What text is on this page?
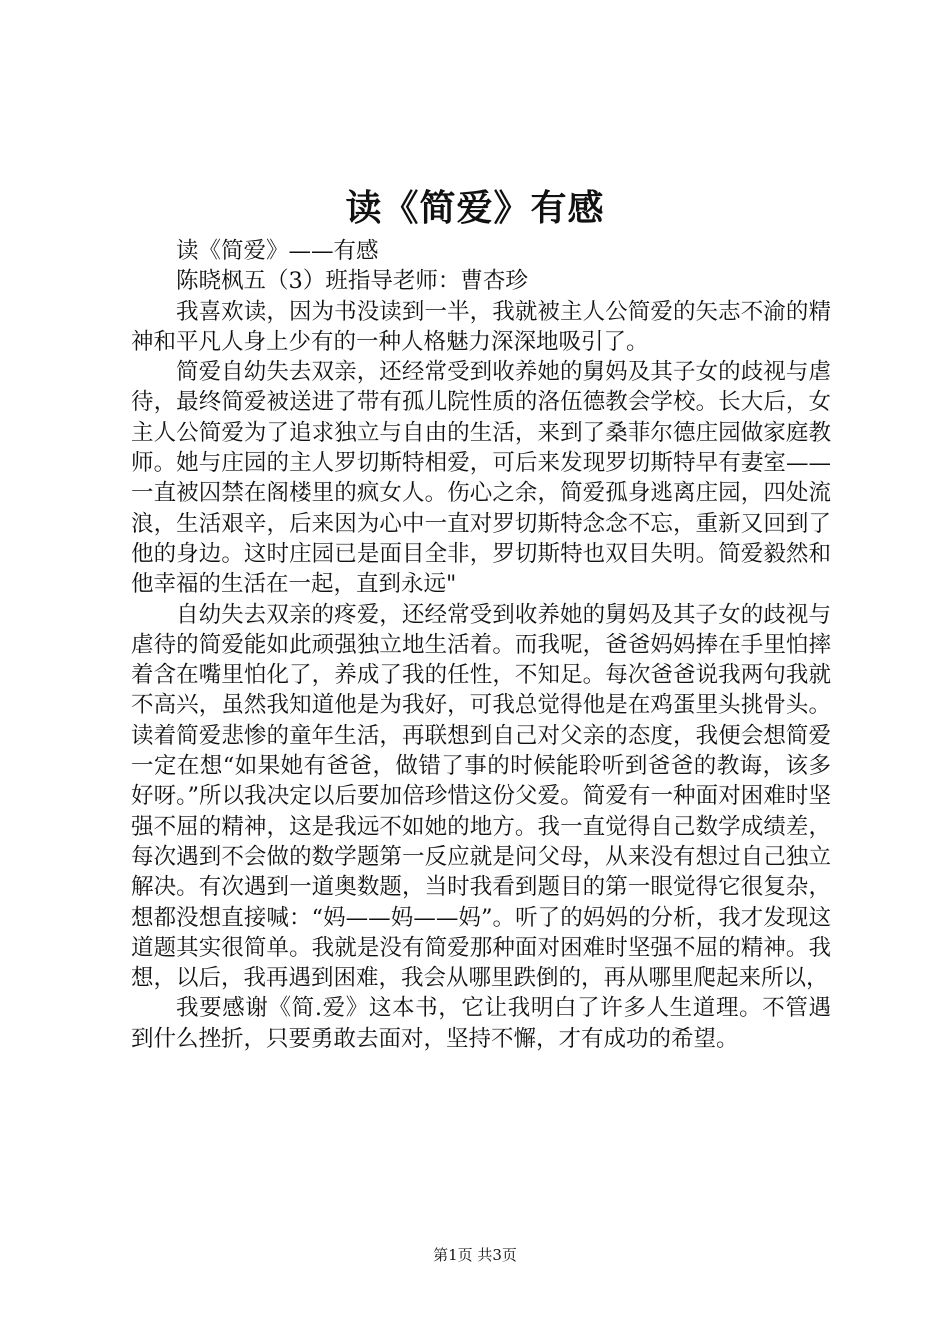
读《简爱》有感

读《简爱》——有感

陈晓枫五（3）班指导老师：曹杏珍

我喜欢读，因为书没读到一半，我就被主人公简爱的矢志不渝的精神和平凡人身上少有的一种人格魅力深深地吸引了。

简爱自幼失去双亲，还经常受到收养她的舅妈及其子女的歧视与虐待，最终简爱被送进了带有孤儿院性质的洛伍德教会学校。长大后，女主人公简爱为了追求独立与自由的生活，来到了桑菲尔德庄园做家庭教师。她与庄园的主人罗切斯特相爱，可后来发现罗切斯特早有妻室——一直被囚禁在阁楼里的疯女人。伤心之余，简爱孤身逃离庄园，四处流浪，生活艰辛，后来因为心中一直对罗切斯特念念不忘，重新又回到了他的身边。这时庄园已是面目全非，罗切斯特也双目失明。简爱毅然和他幸福的生活在一起，直到永远"

自幼失去双亲的疼爱，还经常受到收养她的舅妈及其子女的歧视与虐待的简爱能如此顽强独立地生活着。而我呢，爸爸妈妈捧在手里怕摔着含在嘴里怕化了，养成了我的任性，不知足。每次爸爸说我两句我就不高兴，虽然我知道他是为我好，可我总觉得他是在鸡蛋里头挑骨头。读着简爱悲惨的童年生活，再联想到自己对父亲的态度，我便会想简爱一定在想“如果她有爸爸，做错了事的时候能聆听到爸爸的教诲，该多好呀。”所以我决定以后要加倍珍惜这份父爱。简爱有一种面对困难时坚强不屈的精神，这是我远不如她的地方。我一直觉得自己数学成绩差，每次遇到不会做的数学题第一反应就是问父母，从来没有想过自己独立解决。有次遇到一道奥数题，当时我看到题目的第一眼觉得它很复杂，想都没想直接喊：“妈——妈——妈”。听了的妈妈的分析，我才发现这道题其实很简单。我就是没有简爱那种面对困难时坚强不屈的精神。我想，以后，我再遇到困难，我会从哪里跌倒的，再从哪里爬起来所以，

我要感谢《简.爱》这本书，它让我明白了许多人生道理。不管遇到什么挫折，只要勇敢去面对，坚持不懈，才有成功的希望。

第1页 共3页
